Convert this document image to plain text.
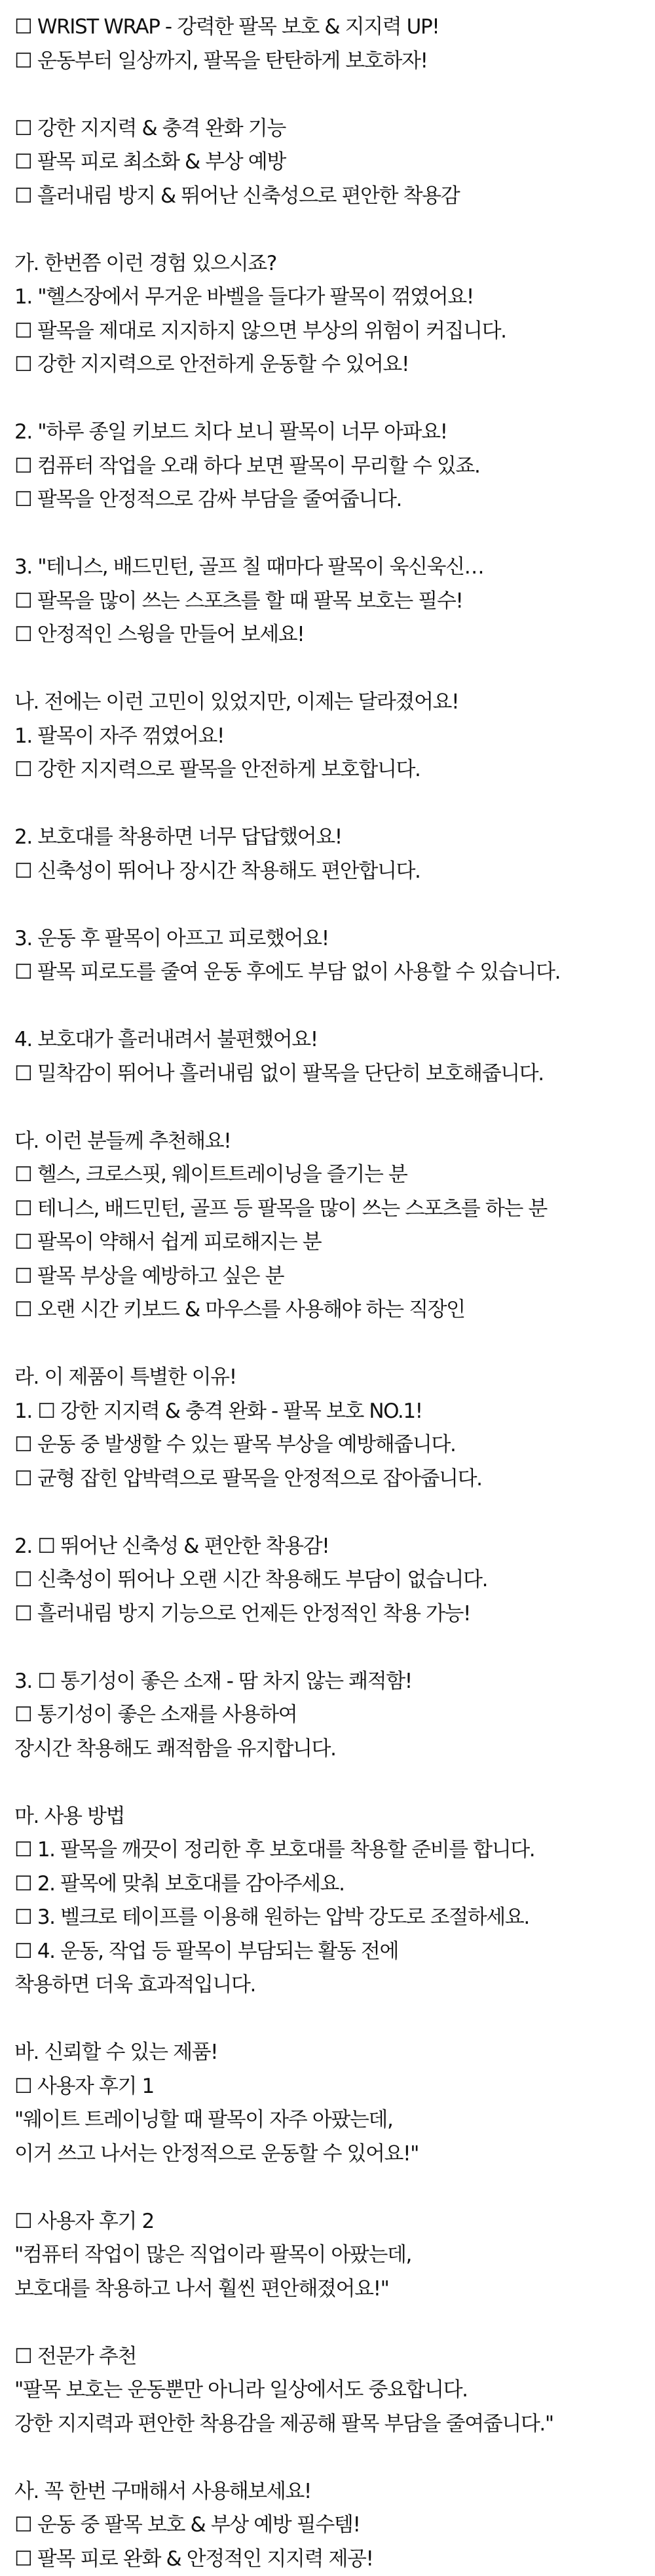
☐ WRIST WRAP - 강력한 팔목 보호 & 지지력 UP!
☐ 운동부터 일상까지, 팔목을 탄탄하게 보호하자!
☐ 강한 지지력 & 충격 완화 기능
☐ 팔목 피로 최소화 & 부상 예방
☐ 흘러내림 방지 & 뛰어난 신축성으로 편안한 착용감
가. 한번쯤 이런 경험 있으시죠?
1. "헬스장에서 무거운 바벨을 들다가 팔목이 꺾였어요!
☐ 팔목을 제대로 지지하지 않으면 부상의 위험이 커집니다.
☐ 강한 지지력으로 안전하게 운동할 수 있어요!
2. "하루 종일 키보드 치다 보니 팔목이 너무 아파요!
☐ 컴퓨터 작업을 오래 하다 보면 팔목이 무리할 수 있죠.
☐ 팔목을 안정적으로 감싸 부담을 줄여줍니다.
3. "테니스, 배드민턴, 골프 칠 때마다 팔목이 욱신욱신…
☐ 팔목을 많이 쓰는 스포츠를 할 때 팔목 보호는 필수!
☐ 안정적인 스윙을 만들어 보세요!
나. 전에는 이런 고민이 있었지만, 이제는 달라졌어요!
1. 팔목이 자주 꺾였어요!
☐ 강한 지지력으로 팔목을 안전하게 보호합니다.
2. 보호대를 착용하면 너무 답답했어요!
☐ 신축성이 뛰어나 장시간 착용해도 편안합니다.
3. 운동 후 팔목이 아프고 피로했어요!
☐ 팔목 피로도를 줄여 운동 후에도 부담 없이 사용할 수 있습니다.
4. 보호대가 흘러내려서 불편했어요!
☐ 밀착감이 뛰어나 흘러내림 없이 팔목을 단단히 보호해줍니다.
다. 이런 분들께 추천해요!
☐ 헬스, 크로스핏, 웨이트트레이닝을 즐기는 분
☐ 테니스, 배드민턴, 골프 등 팔목을 많이 쓰는 스포츠를 하는 분
☐ 팔목이 약해서 쉽게 피로해지는 분
☐ 팔목 부상을 예방하고 싶은 분
☐ 오랜 시간 키보드 & 마우스를 사용해야 하는 직장인
라. 이 제품이 특별한 이유!
1. ☐ 강한 지지력 & 충격 완화 - 팔목 보호 NO.1!
☐ 운동 중 발생할 수 있는 팔목 부상을 예방해줍니다.
☐ 균형 잡힌 압박력으로 팔목을 안정적으로 잡아줍니다.
2. ☐ 뛰어난 신축성 & 편안한 착용감!
☐ 신축성이 뛰어나 오랜 시간 착용해도 부담이 없습니다.
☐ 흘러내림 방지 기능으로 언제든 안정적인 착용 가능!
3. ☐ 통기성이 좋은 소재 - 땀 차지 않는 쾌적함!
☐ 통기성이 좋은 소재를 사용하여
장시간 착용해도 쾌적함을 유지합니다.
마. 사용 방법
☐ 1. 팔목을 깨끗이 정리한 후 보호대를 착용할 준비를 합니다.
☐ 2. 팔목에 맞춰 보호대를 감아주세요.
☐ 3. 벨크로 테이프를 이용해 원하는 압박 강도로 조절하세요.
☐ 4. 운동, 작업 등 팔목이 부담되는 활동 전에
착용하면 더욱 효과적입니다.
바. 신뢰할 수 있는 제품!
☐ 사용자 후기 1
"웨이트 트레이닝할 때 팔목이 자주 아팠는데,
이거 쓰고 나서는 안정적으로 운동할 수 있어요!"
☐ 사용자 후기 2
"컴퓨터 작업이 많은 직업이라 팔목이 아팠는데,
보호대를 착용하고 나서 훨씬 편안해졌어요!"
☐ 전문가 추천
"팔목 보호는 운동뿐만 아니라 일상에서도 중요합니다.
강한 지지력과 편안한 착용감을 제공해 팔목 부담을 줄여줍니다."
사. 꼭 한번 구매해서 사용해보세요!
☐ 운동 중 팔목 보호 & 부상 예방 필수템!
☐ 팔목 피로 완화 & 안정적인 지지력 제공!
